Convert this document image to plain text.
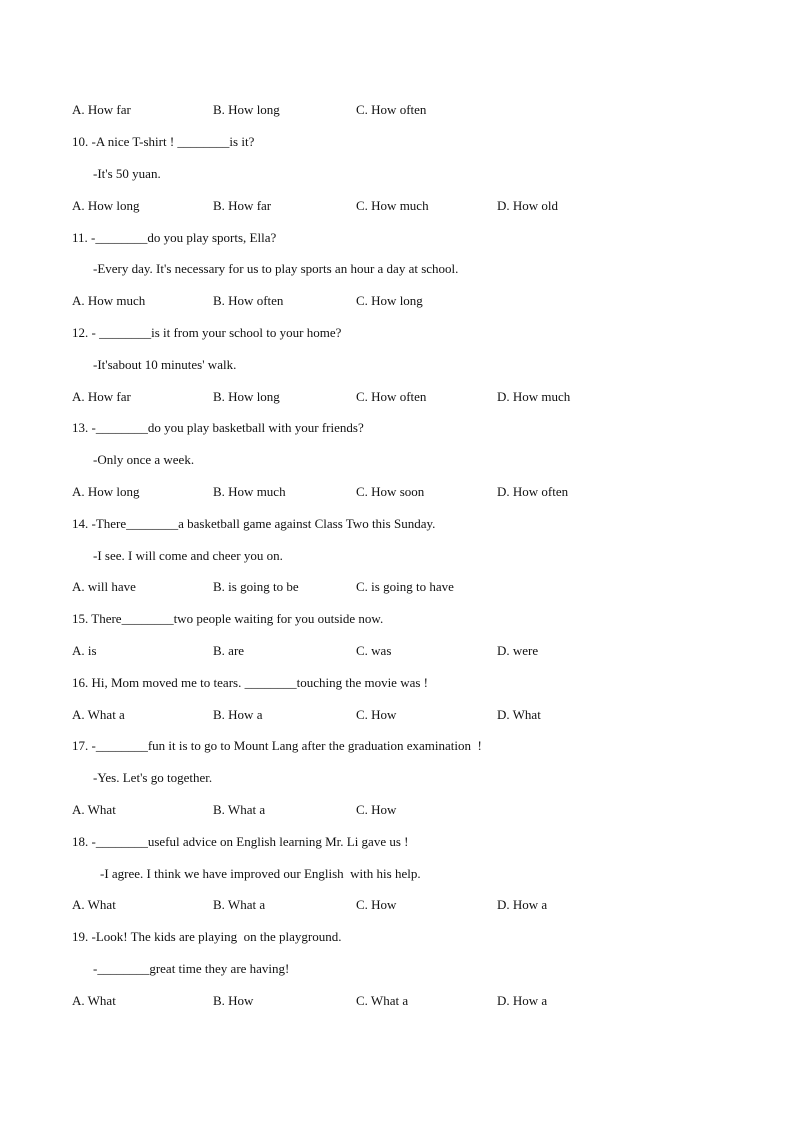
A. How far	B. How long	C. How often
10. -A nice T-shirt ! ________is it?
-It's 50 yuan.
A. How long	B. How far	C. How much	D. How old
11. -________do you play sports, Ella?
-Every day. It's necessary for us to play sports an hour a day at school.
A. How much	B. How often	C. How long
12. - ________is it from your school to your home?
-It'sabout 10 minutes' walk.
A. How far	B. How long	C. How often	D. How much
13. -________do you play basketball with your friends?
-Only once a week.
A. How long	B. How much	C. How soon	D. How often
14. -There________a basketball game against Class Two this Sunday.
-I see. I will come and cheer you on.
A. will have	B. is going to be	C. is going to have
15. There________two people waiting for you outside now.
A. is	B. are	C. was	D. were
16. Hi, Mom moved me to tears. ________touching the movie was !
A. What a	B. How a	C. How	D. What
17. -________fun it is to go to Mount Lang after the graduation examination  !
-Yes. Let's go together.
A. What	B. What a	C. How
18. -________useful advice on English learning Mr. Li gave us !
-I agree. I think we have improved our English  with his help.
A. What	B. What a	C. How	D. How a
19. -Look! The kids are playing  on the playground.
-________great time they are having!
A. What	B. How	C. What a	D. How a
